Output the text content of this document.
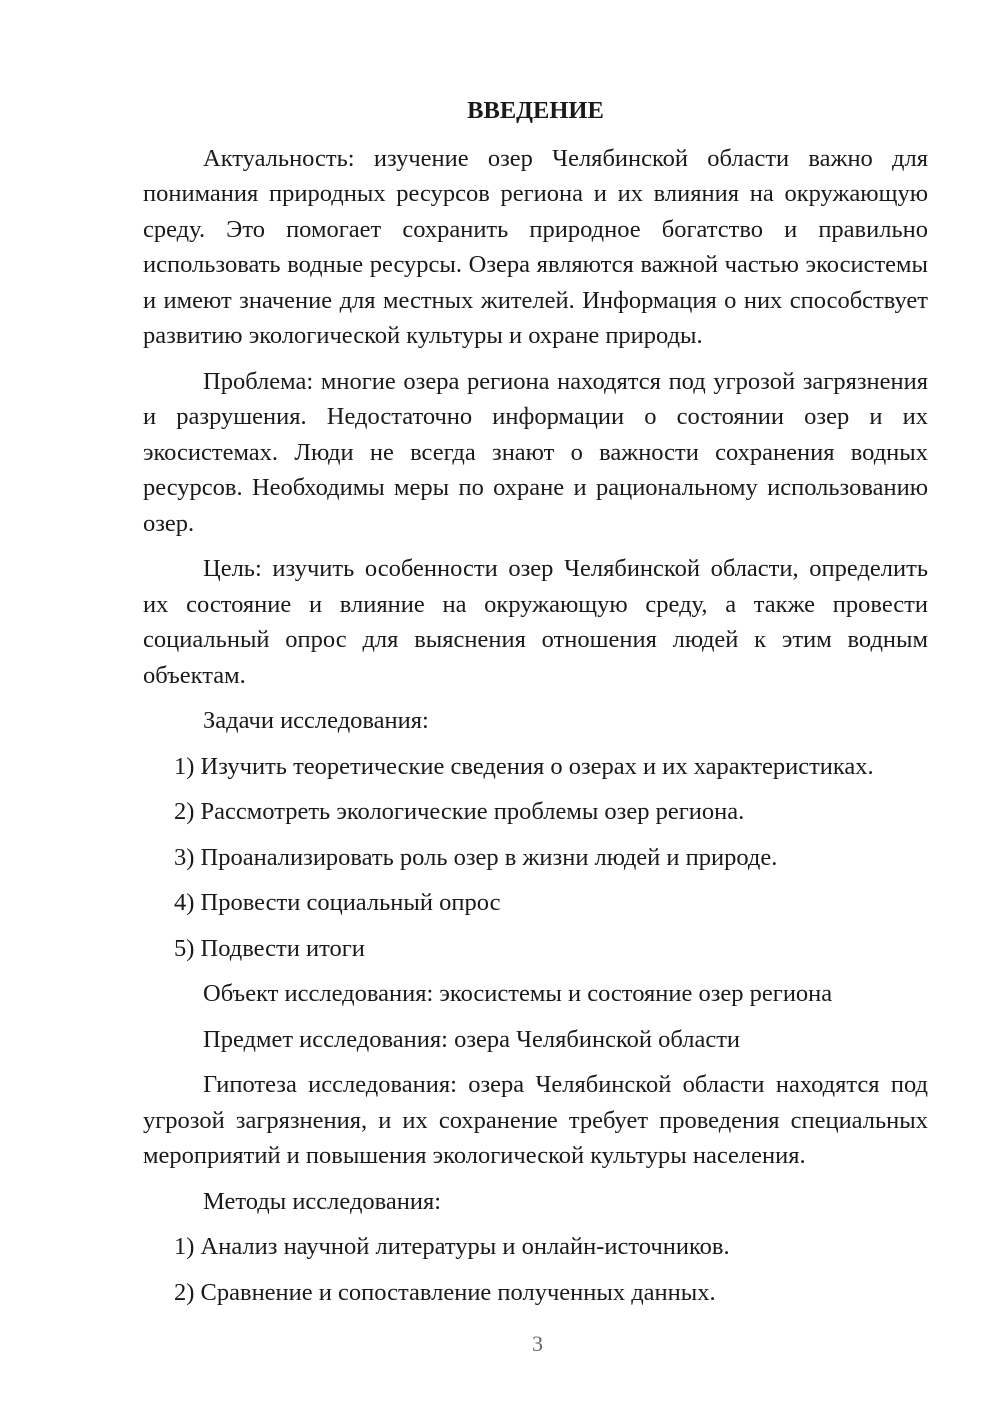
ВВЕДЕНИЕ

Актуальность: изучение озер Челябинской области важно для понимания природных ресурсов региона и их влияния на окружающую среду. Это помогает сохранить природное богатство и правильно использовать водные ресурсы. Озера являются важной частью экосистемы и имеют значение для местных жителей. Информация о них способствует развитию экологической культуры и охране природы.

Проблема: многие озера региона находятся под угрозой загрязнения и разрушения. Недостаточно информации о состоянии озер и их экосистемах. Люди не всегда знают о важности сохранения водных ресурсов. Необходимы меры по охране и рациональному использованию озер.

Цель: изучить особенности озер Челябинской области, определить их состояние и влияние на окружающую среду, а также провести социальный опрос для выяснения отношения людей к этим водным объектам.

Задачи исследования:
1) Изучить теоретические сведения о озерах и их характеристиках.
2) Рассмотреть экологические проблемы озер региона.
3) Проанализировать роль озер в жизни людей и природе.
4) Провести социальный опрос
5) Подвести итоги
Объект исследования: экосистемы и состояние озер региона
Предмет исследования: озера Челябинской области

Гипотеза исследования: озера Челябинской области находятся под угрозой загрязнения, и их сохранение требует проведения специальных мероприятий и повышения экологической культуры населения.

Методы исследования:
1) Анализ научной литературы и онлайн-источников.
2) Сравнение и сопоставление полученных данных.
3
